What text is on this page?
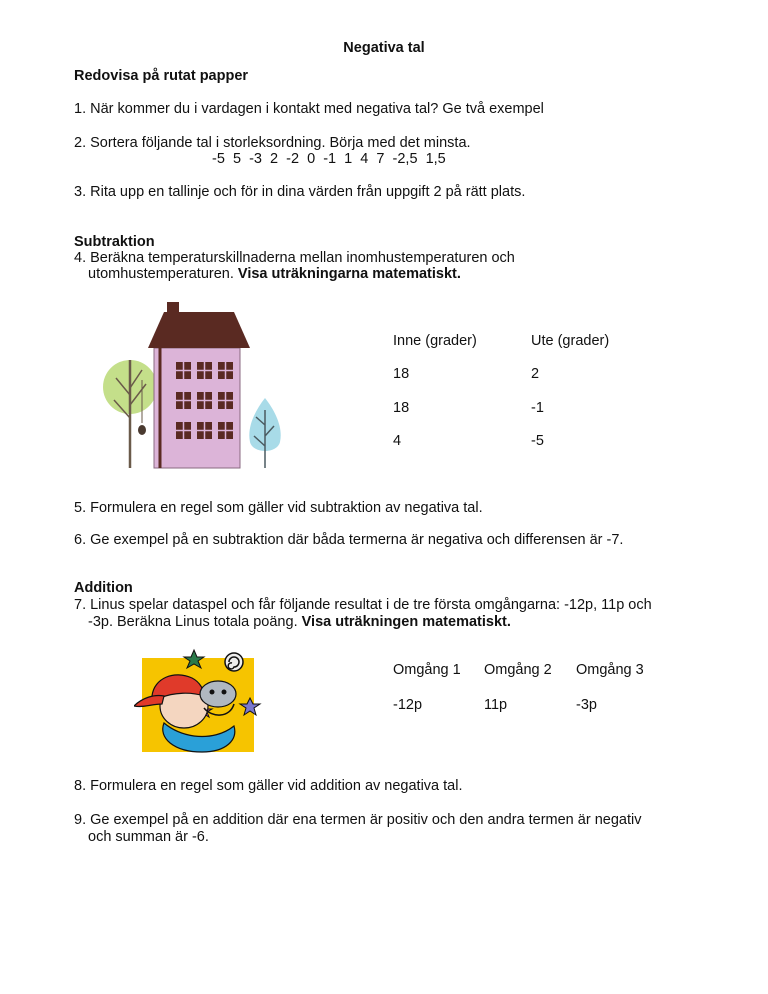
Negativa tal
Redovisa på rutat papper
1. När kommer du i vardagen i kontakt med negativa tal? Ge två exempel
2. Sortera följande tal i storleksordning. Börja med det minsta.
-5  5  -3  2  -2  0  -1  1  4  7  -2,5  1,5
3. Rita upp en tallinje och för in dina värden från uppgift 2 på rätt plats.
Subtraktion
4. Beräkna temperaturskillnaderna mellan inomhustemperaturen och
utomhustemperaturen. Visa uträkningarna matematiskt.
Inne (grader)	Ute (grader)
18	2
18	-1
4	-5
5. Formulera en regel som gäller vid subtraktion av negativa tal.
6. Ge exempel på en subtraktion där båda termerna är negativa och differensen är -7.
Addition
7. Linus spelar dataspel och får följande resultat i de tre första omgångarna: -12p, 11p och
-3p. Beräkna Linus totala poäng. Visa uträkningen matematiskt.
Omgång 1 Omgång 2 Omgång 3
-12p	11p	-3p
8. Formulera en regel som gäller vid addition av negativa tal.
9. Ge exempel på en addition där ena termen är positiv och den andra termen är negativ
och summan är -6.
